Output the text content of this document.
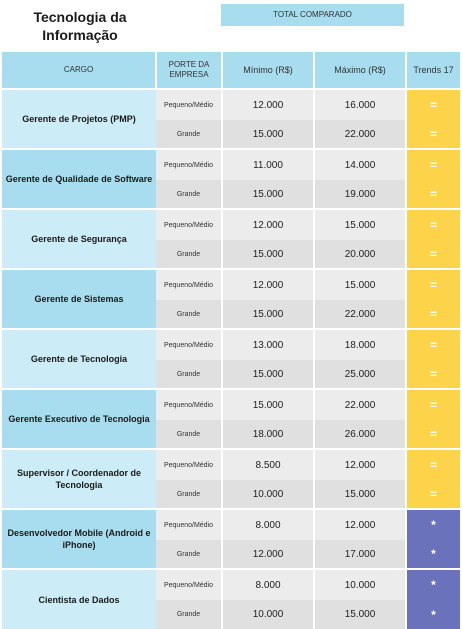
Tecnologia da Informação
TOTAL COMPARADO
CARGO	PORTE DA EMPRESA	Mínimo (R$)	Máximo (R$)	Trends 17
Gerente de Projetos (PMP)	Pequeno/Médio	12.000	16.000	=
	Grande	15.000	22.000	=
Gerente de Qualidade de Software	Pequeno/Médio	11.000	14.000	=
	Grande	15.000	19.000	=
Gerente de Segurança	Pequeno/Médio	12.000	15.000	=
	Grande	15.000	20.000	=
Gerente de Sistemas	Pequeno/Médio	12.000	15.000	=
	Grande	15.000	22.000	=
Gerente de Tecnologia	Pequeno/Médio	13.000	18.000	=
	Grande	15.000	25.000	=
Gerente Executivo de Tecnologia	Pequeno/Médio	15.000	22.000	=
	Grande	18.000	26.000	=
Supervisor / Coordenador de Tecnologia	Pequeno/Médio	8.500	12.000	=
	Grande	10.000	15.000	=
Desenvolvedor Mobile (Android e iPhone)	Pequeno/Médio	8.000	12.000	*
	Grande	12.000	17.000	*
Cientista de Dados	Pequeno/Médio	8.000	10.000	*
	Grande	10.000	15.000	*
